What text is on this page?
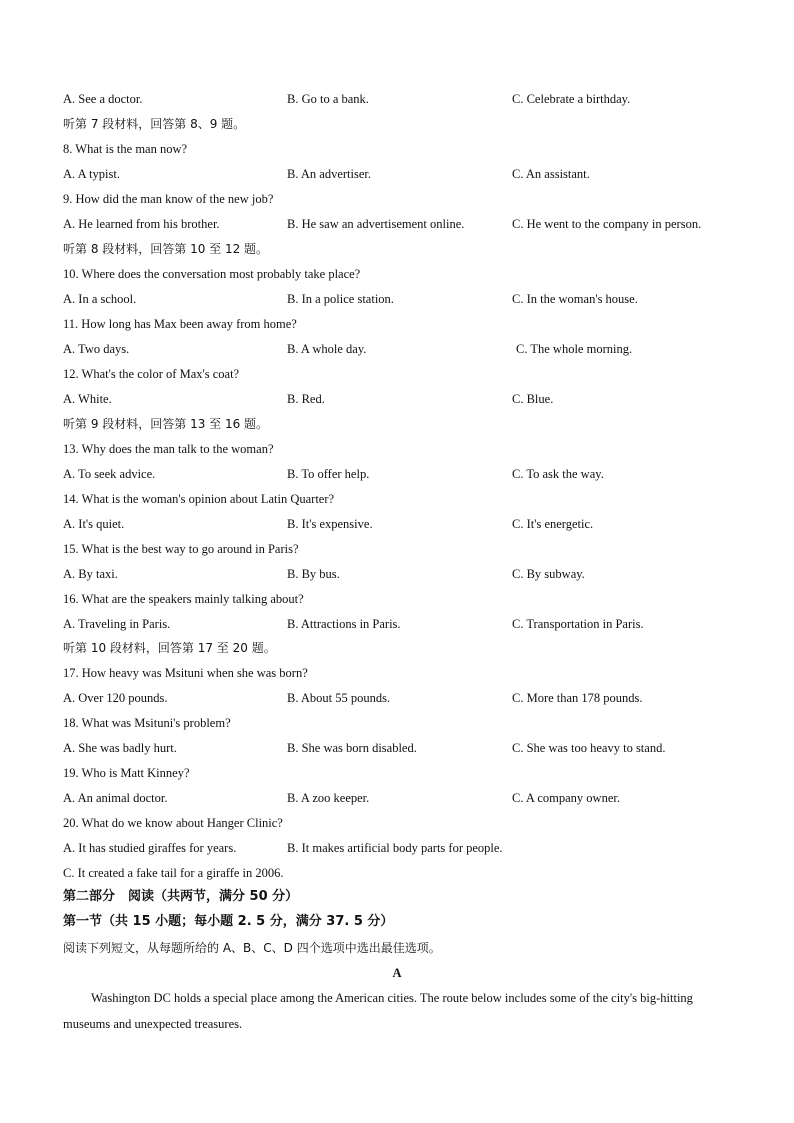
A. See a doctor.	B. Go to a bank.	C. Celebrate a birthday.
听第 7 段材料，回答第 8、9 题。
8. What is the man now?
A. A typist.	B. An advertiser.	C. An assistant.
9. How did the man know of the new job?
A. He learned from his brother.	B. He saw an advertisement online.	C. He went to the company in person.
听第 8 段材料，回答第 10 至 12 题。
10. Where does the conversation most probably take place?
A. In a school.	B. In a police station.	C. In the woman's house.
11. How long has Max been away from home?
A. Two days.	B. A whole day.	C. The whole morning.
12. What's the color of Max's coat?
A. White.	B. Red.	C. Blue.
听第 9 段材料，回答第 13 至 16 题。
13. Why does the man talk to the woman?
A. To seek advice.	B. To offer help.	C. To ask the way.
14. What is the woman's opinion about Latin Quarter?
A. It's quiet.	B. It's expensive.	C. It's energetic.
15. What is the best way to go around in Paris?
A. By taxi.	B. By bus.	C. By subway.
16. What are the speakers mainly talking about?
A. Traveling in Paris.	B. Attractions in Paris.	C. Transportation in Paris.
听第 10 段材料，回答第 17 至 20 题。
17. How heavy was Msituni when she was born?
A. Over 120 pounds.	B. About 55 pounds.	C. More than 178 pounds.
18. What was Msituni's problem?
A. She was badly hurt.	B. She was born disabled.	C. She was too heavy to stand.
19. Who is Matt Kinney?
A. An animal doctor.	B. A zoo keeper.	C. A company owner.
20. What do we know about Hanger Clinic?
A. It has studied giraffes for years.	B. It makes artificial body parts for people.
C. It created a fake tail for a giraffe in 2006.
第二部分　阅读（共两节，满分 50 分）
第一节（共 15 小题；每小题 2. 5 分，满分 37. 5 分）
阅读下列短文，从每题所给的 A、B、C、D 四个选项中选出最佳选项。
A
Washington DC holds a special place among the American cities. The route below includes some of the city's big-hitting museums and unexpected treasures.
